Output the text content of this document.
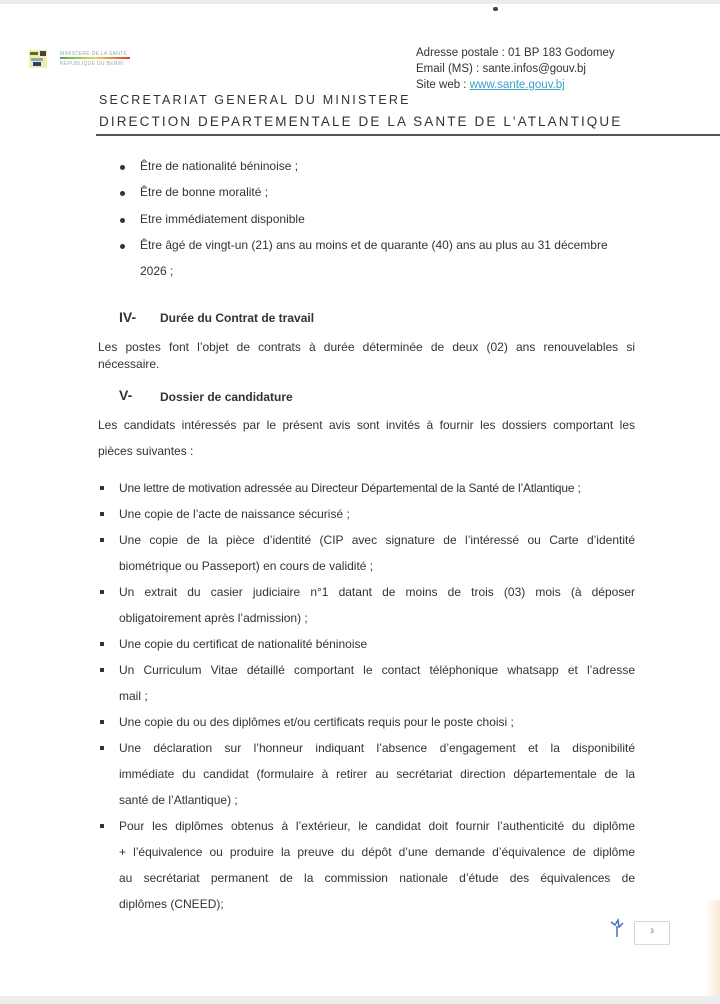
MINISTERE DE LA SANTE
REPUBLIQUE DU BENIN
Adresse postale : 01 BP 183 Godomey
Email (MS) : sante.infos@gouv.bj
Site web : www.sante.gouv.bj
SECRETARIAT GENERAL DU MINISTERE
DIRECTION DEPARTEMENTALE DE LA SANTE DE L'ATLANTIQUE
Être de nationalité béninoise ;
Être de bonne moralité ;
Etre immédiatement disponible
Être âgé de vingt-un (21) ans au moins et de quarante (40) ans au plus au 31 décembre
2026 ;
IV- Durée du Contrat de travail
Les postes font l’objet de contrats à durée déterminée de deux (02) ans renouvelables si
nécessaire.
V- Dossier de candidature
Les candidats intéressés par le présent avis sont invités à fournir les dossiers comportant les
pièces suivantes :
Une lettre de motivation adressée au Directeur Départemental de la Santé de l’Atlantique ;
Une copie de l’acte de naissance sécurisé ;
Une copie de la pièce d’identité (CIP avec signature de l’intéressé ou Carte d’identité
biométrique ou Passeport) en cours de validité ;
Un extrait du casier judiciaire n°1 datant de moins de trois (03) mois (à déposer
obligatoirement après l’admission) ;
Une copie du certificat de nationalité béninoise
Un Curriculum Vitae détaillé comportant le contact téléphonique whatsapp et l’adresse
mail ;
Une copie du ou des diplômes et/ou certificats requis pour le poste choisi ;
Une déclaration sur l’honneur indiquant l’absence d’engagement et la disponibilité
immédiate du candidat (formulaire à retirer au secrétariat direction départementale de la
santé de l’Atlantique) ;
Pour les diplômes obtenus à l’extérieur, le candidat doit fournir l’authenticité du diplôme
+ l’équivalence ou produire la preuve du dépôt d’une demande d’équivalence de diplôme
au secrétariat permanent de la commission nationale d’étude des équivalences de
diplômes (CNEED);
3
